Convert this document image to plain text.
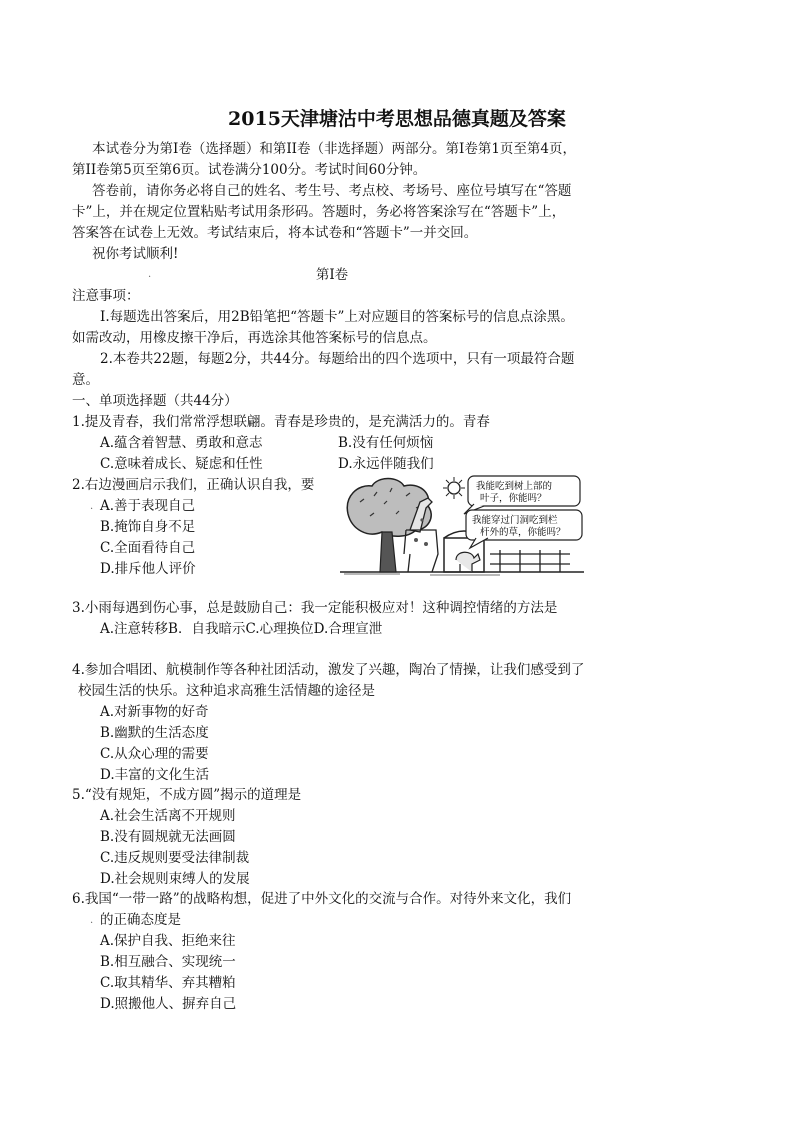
2015天津塘沽中考思想品德真题及答案
本试卷分为第Ⅰ卷（选择题）和第II卷（非选择题）两部分。第Ⅰ卷第1页至第4页，
第II卷第5页至第6页。试卷满分100分。考试时间60分钟。
答卷前，请你务必将自己的姓名、考生号、考点校、考场号、座位号填写在“答题
卡”上，并在规定位置粘贴考试用条形码。答题时，务必将答案涂写在“答题卡”上，
答案答在试卷上无效。考试结束后，将本试卷和“答题卡”一并交回。
祝你考试顺利!
.	第Ⅰ卷
注意事项：
Ⅰ.每题选出答案后，用2B铅笔把“答题卡”上对应题目的答案标号的信息点涂黑。
如需改动，用橡皮擦干净后，再选涂其他答案标号的信息点。
2.本卷共22题，每题2分，共44分。每题给出的四个选项中，只有一项最符合题
意。
一、单项选择题（共44分）
1.提及青春，我们常常浮想联翩。青春是珍贵的，是充满活力的。青春
A.蕴含着智慧、勇敢和意志	B.没有任何烦恼
C.意味着成长、疑虑和任性	D.永远伴随我们
2.右边漫画启示我们，正确认识自我，要
. A.善于表现自己
B.掩饰自身不足
C.全面看待自己
D.排斥他人评价
我能吃到树上部的
叶子，你能吗？
我能穿过门洞吃到栏
杆外的草，你能吗？
3.小雨每遇到伤心事，总是鼓励自己：我一定能积极应对！这种调控情绪的方法是
A.注意转移B．自我暗示C.心理换位D.合理宣泄
4.参加合唱团、航模制作等各种社团活动，激发了兴趣，陶冶了情操，让我们感受到了
校园生活的快乐。这种追求高雅生活情趣的途径是
A.对新事物的好奇
B.幽默的生活态度
C.从众心理的需要
D.丰富的文化生活
5.“没有规矩，不成方圆”揭示的道理是
A.社会生活离不开规则
B.没有圆规就无法画圆
C.违反规则要受法律制裁
D.社会规则束缚人的发展
6.我国“一带一路”的战略构想，促进了中外文化的交流与合作。对待外来文化，我们
. 的正确态度是
A.保护自我、拒绝来往
B.相互融合、实现统一
C.取其精华、弃其糟粕
D.照搬他人、摒弃自己
